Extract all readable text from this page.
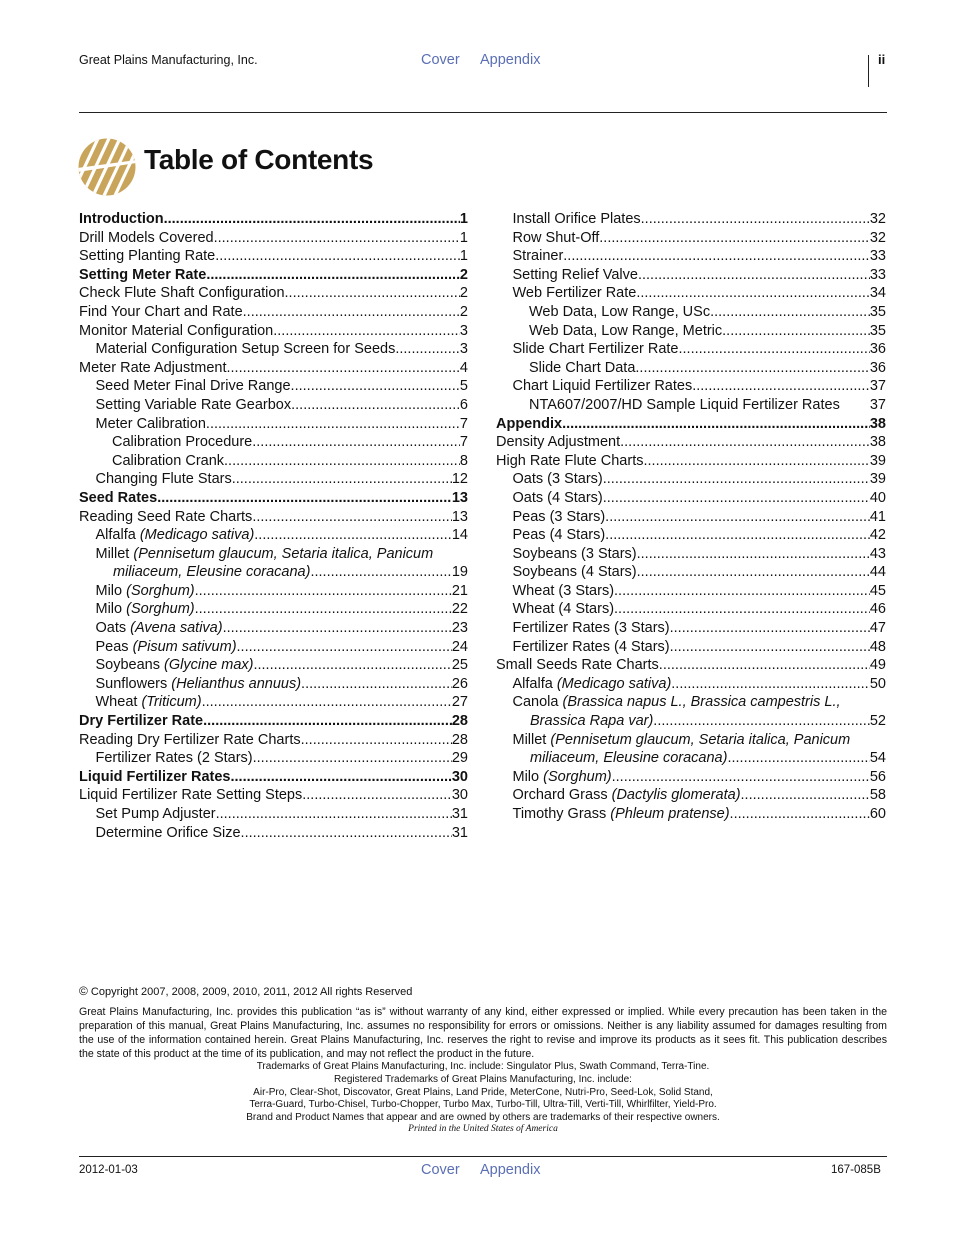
Great Plains Manufacturing, Inc.	Cover Appendix	ii
Table of Contents
Introduction .....	1
Drill Models Covered .....	1
Setting Planting Rate .....	1
Setting Meter Rate .....	2
Check Flute Shaft Configuration .....	2
Find Your Chart and Rate .....	2
Monitor Material Configuration .....	3
Material Configuration Setup Screen for Seeds .....	3
Meter Rate Adjustment .....	4
Seed Meter Final Drive Range .....	5
Setting Variable Rate Gearbox .....	6
Meter Calibration .....	7
Calibration Procedure .....	7
Calibration Crank .....	8
Changing Flute Stars .....	12
Seed Rates .....	13
Reading Seed Rate Charts .....	13
Alfalfa (Medicago sativa) .....	14
Millet (Pennisetum glaucum, Setaria italica, Panicum
miliaceum, Eleusine coracana) .....	19
Milo (Sorghum) .....	21
Milo (Sorghum) .....	22
Oats (Avena sativa) .....	23
Peas (Pisum sativum) .....	24
Soybeans (Glycine max) .....	25
Sunflowers (Helianthus annuus) .....	26
Wheat (Triticum) .....	27
Dry Fertilizer Rate .....	28
Reading Dry Fertilizer Rate Charts .....	28
Fertilizer Rates (2 Stars) .....	29
Liquid Fertilizer Rates .....	30
Liquid Fertilizer Rate Setting Steps .....	30
Set Pump Adjuster .....	31
Determine Orifice Size .....	31
Install Orifice Plates .....	32
Row Shut-Off .....	32
Strainer .....	33
Setting Relief Valve .....	33
Web Fertilizer Rate .....	34
Web Data, Low Range, USc .....	35
Web Data, Low Range, Metric .....	35
Slide Chart Fertilizer Rate .....	36
Slide Chart Data .....	36
Chart Liquid Fertilizer Rates .....	37
NTA607/2007/HD Sample Liquid Fertilizer Rates 37
Appendix .....	38
Density Adjustment .....	38
High Rate Flute Charts .....	39
Oats (3 Stars) .....	39
Oats (4 Stars) .....	40
Peas (3 Stars) .....	41
Peas (4 Stars) .....	42
Soybeans (3 Stars) .....	43
Soybeans (4 Stars) .....	44
Wheat (3 Stars) .....	45
Wheat (4 Stars) .....	46
Fertilizer Rates (3 Stars) .....	47
Fertilizer Rates (4 Stars) .....	48
Small Seeds Rate Charts .....	49
Alfalfa (Medicago sativa) .....	50
Canola (Brassica napus L., Brassica campestris L.,
Brassica Rapa var) .....	52
Millet (Pennisetum glaucum, Setaria italica, Panicum
miliaceum, Eleusine coracana) .....	54
Milo (Sorghum) .....	56
Orchard Grass (Dactylis glomerata) .....	58
Timothy Grass (Phleum pratense) .....	60
© Copyright 2007, 2008, 2009, 2010, 2011, 2012 All rights Reserved
Great Plains Manufacturing, Inc. provides this publication “as is” without warranty of any kind, either expressed or implied. While every precaution has been taken in the preparation of this manual, Great Plains Manufacturing, Inc. assumes no responsibility for errors or omissions. Neither is any liability assumed for damages resulting from the use of the information contained herein. Great Plains Manufacturing, Inc. reserves the right to revise and improve its products as it sees fit. This publication describes the state of this product at the time of its publication, and may not reflect the product in the future.
Trademarks of Great Plains Manufacturing, Inc. include: Singulator Plus, Swath Command, Terra-Tine.
Registered Trademarks of Great Plains Manufacturing, Inc. include:
Air-Pro, Clear-Shot, Discovator, Great Plains, Land Pride, MeterCone, Nutri-Pro, Seed-Lok, Solid Stand,
Terra-Guard, Turbo-Chisel, Turbo-Chopper, Turbo Max, Turbo-Till, Ultra-Till, Verti-Till, Whirlfilter, Yield-Pro.
Brand and Product Names that appear and are owned by others are trademarks of their respective owners.
Printed in the United States of America
2012-01-03	Cover Appendix	167-085B
